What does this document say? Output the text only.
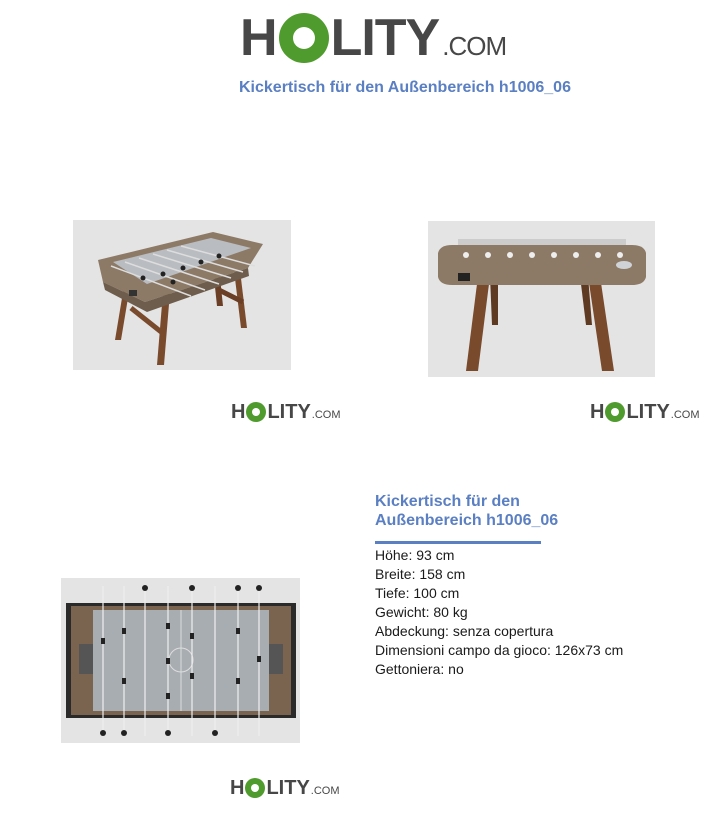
H LITY .COM
Kickertisch für den Außenbereich h1006_06
H LITY .COM	H LITY .COM
H LITY .COM
Kickertisch für den
Außenbereich h1006_06
Höhe: 93 cm
Breite: 158 cm
Tiefe: 100 cm
Gewicht: 80 kg
Abdeckung: senza copertura
Dimensioni campo da gioco: 126x73 cm
Gettoniera: no
